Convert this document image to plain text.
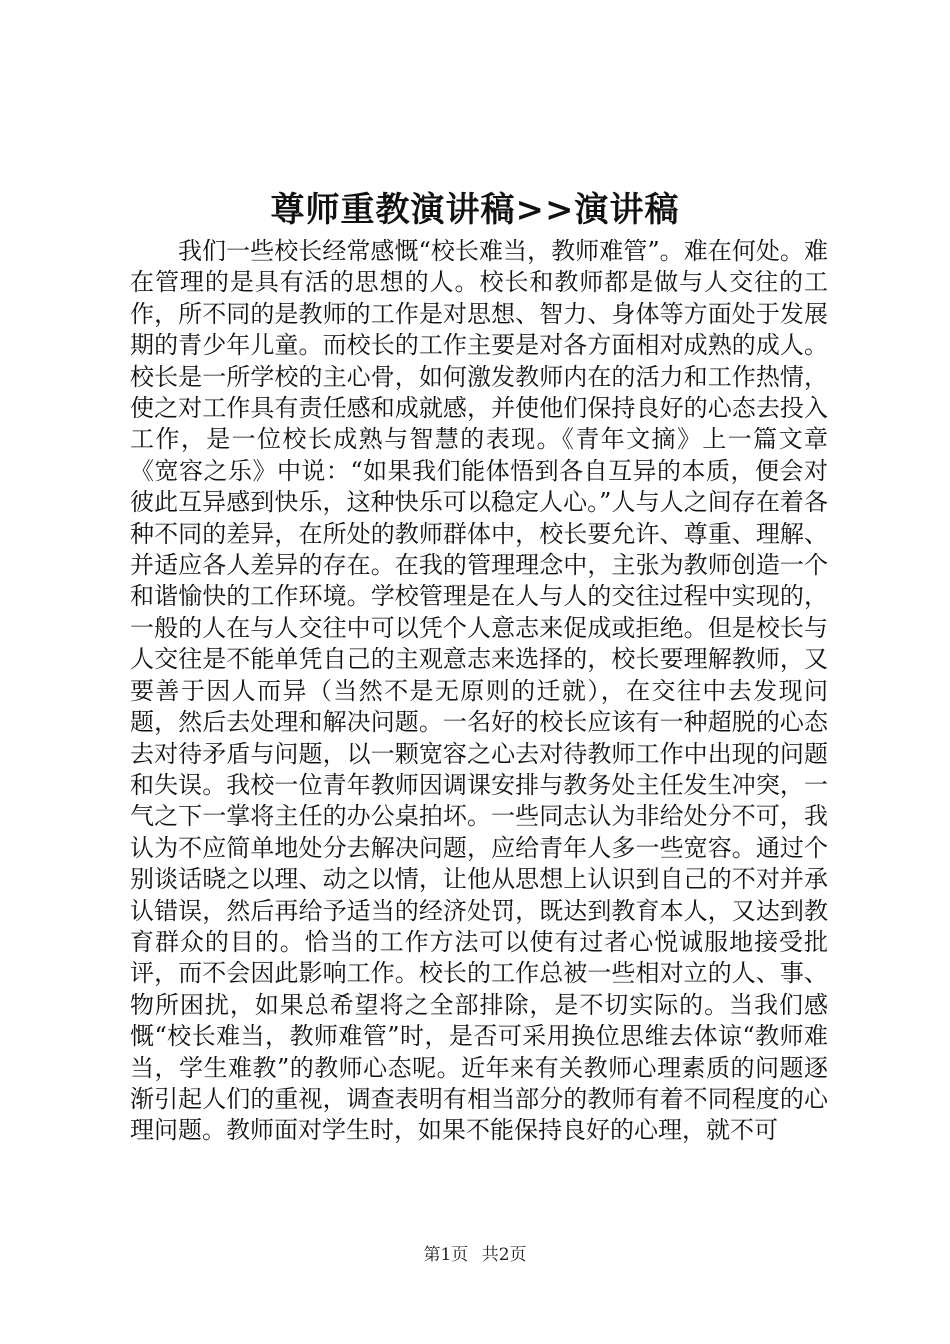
尊师重教演讲稿>>演讲稿

我们一些校长经常感慨“校长难当，教师难管”。难在何处。难在管理的是具有活的思想的人。校长和教师都是做与人交往的工作，所不同的是教师的工作是对思想、智力、身体等方面处于发展期的青少年儿童。而校长的工作主要是对各方面相对成熟的成人。校长是一所学校的主心骨，如何激发教师内在的活力和工作热情，使之对工作具有责任感和成就感，并使他们保持良好的心态去投入工作，是一位校长成熟与智慧的表现。《青年文摘》上一篇文章《宽容之乐》中说：“如果我们能体悟到各自互异的本质，便会对彼此互异感到快乐，这种快乐可以稳定人心。”人与人之间存在着各种不同的差异，在所处的教师群体中，校长要允许、尊重、理解、并适应各人差异的存在。在我的管理理念中，主张为教师创造一个和谐愉快的工作环境。学校管理是在人与人的交往过程中实现的，一般的人在与人交往中可以凭个人意志来促成或拒绝。但是校长与人交往是不能单凭自己的主观意志来选择的，校长要理解教师，又要善于因人而异（当然不是无原则的迁就），在交往中去发现问题，然后去处理和解决问题。一名好的校长应该有一种超脱的心态去对待矛盾与问题，以一颗宽容之心去对待教师工作中出现的问题和失误。我校一位青年教师因调课安排与教务处主任发生冲突，一气之下一掌将主任的办公桌拍坏。一些同志认为非给处分不可，我认为不应简单地处分去解决问题，应给青年人多一些宽容。通过个别谈话晓之以理、动之以情，让他从思想上认识到自己的不对并承认错误，然后再给予适当的经济处罚，既达到教育本人，又达到教育群众的目的。恰当的工作方法可以使有过者心悦诚服地接受批评，而不会因此影响工作。校长的工作总被一些相对立的人、事、物所困扰，如果总希望将之全部排除，是不切实际的。当我们感慨“校长难当，教师难管”时，是否可采用换位思维去体谅“教师难当，学生难教”的教师心态呢。近年来有关教师心理素质的问题逐渐引起人们的重视，调查表明有相当部分的教师有着不同程度的心理问题。教师面对学生时，如果不能保持良好的心理，就不可

第1页 共2页
